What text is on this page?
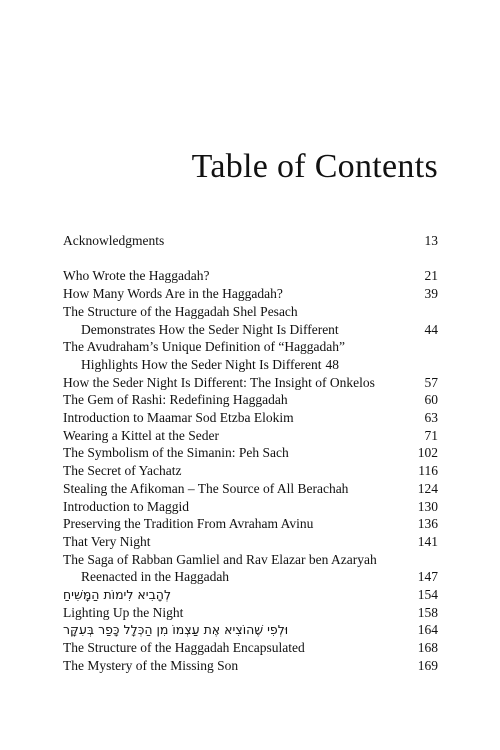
Table of Contents
Acknowledgments	13
Who Wrote the Haggadah?	21
How Many Words Are in the Haggadah?	39
The Structure of the Haggadah Shel Pesach
Demonstrates How the Seder Night Is Different	44
The Avudraham’s Unique Definition of “Haggadah”
Highlights How the Seder Night Is Different 48
How the Seder Night Is Different: The Insight of Onkelos	57
The Gem of Rashi: Redefining Haggadah	60
Introduction to Maamar Sod Etzba Elokim	63
Wearing a Kittel at the Seder	71
The Symbolism of the Simanin: Peh Sach	102
The Secret of Yachatz	116
Stealing the Afikoman – The Source of All Berachah	124
Introduction to Maggid	130
Preserving the Tradition From Avraham Avinu	136
That Very Night	141
The Saga of Rabban Gamliel and Rav Elazar ben Azaryah
Reenacted in the Haggadah	147
לְהָבִיא לִימוֹת הַמָּשִׁיחַ	154
Lighting Up the Night	158
וּלְפִי שֶׁהוֹצִיא אֶת עַצְמוֹ מִן הַכְּלָל כָּפַר בְּעִקָּר	164
The Structure of the Haggadah Encapsulated	168
The Mystery of the Missing Son	169
